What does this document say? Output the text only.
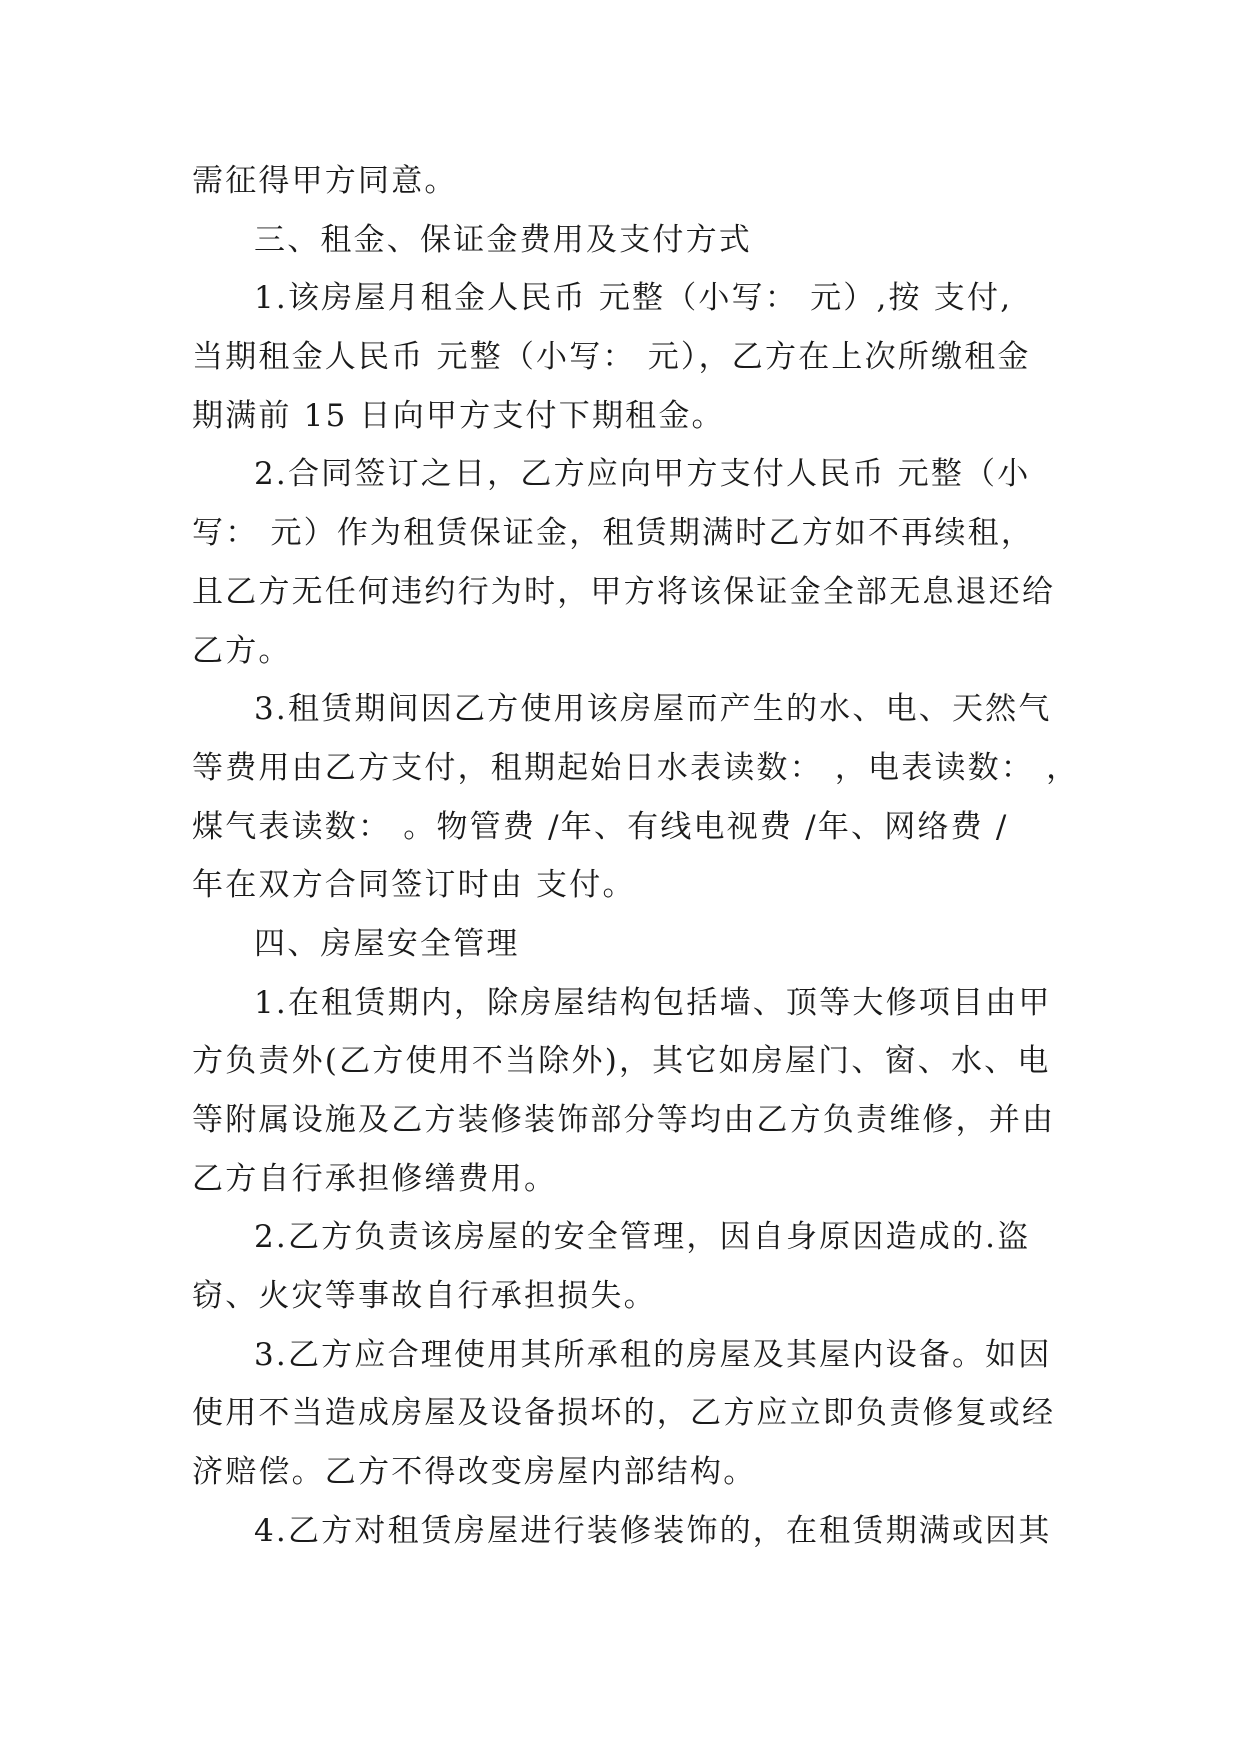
需征得甲方同意。
三、租金、保证金费用及支付方式
1.该房屋月租金人民币 元整（小写： 元）,按 支付,
当期租金人民币 元整（小写： 元），乙方在上次所缴租金
期满前 15 日向甲方支付下期租金。
2.合同签订之日，乙方应向甲方支付人民币 元整（小
写： 元）作为租赁保证金，租赁期满时乙方如不再续租，
且乙方无任何违约行为时，甲方将该保证金全部无息退还给
乙方。
3.租赁期间因乙方使用该房屋而产生的水、电、天然气
等费用由乙方支付，租期起始日水表读数： ，电表读数： ，
煤气表读数： 。物管费 /年、有线电视费 /年、网络费 /
年在双方合同签订时由 支付。
四、房屋安全管理
1.在租赁期内，除房屋结构包括墙、顶等大修项目由甲
方负责外(乙方使用不当除外)，其它如房屋门、窗、水、电
等附属设施及乙方装修装饰部分等均由乙方负责维修，并由
乙方自行承担修缮费用。
2.乙方负责该房屋的安全管理，因自身原因造成的.盗
窃、火灾等事故自行承担损失。
3.乙方应合理使用其所承租的房屋及其屋内设备。如因
使用不当造成房屋及设备损坏的，乙方应立即负责修复或经
济赔偿。乙方不得改变房屋内部结构。
4.乙方对租赁房屋进行装修装饰的，在租赁期满或因其
